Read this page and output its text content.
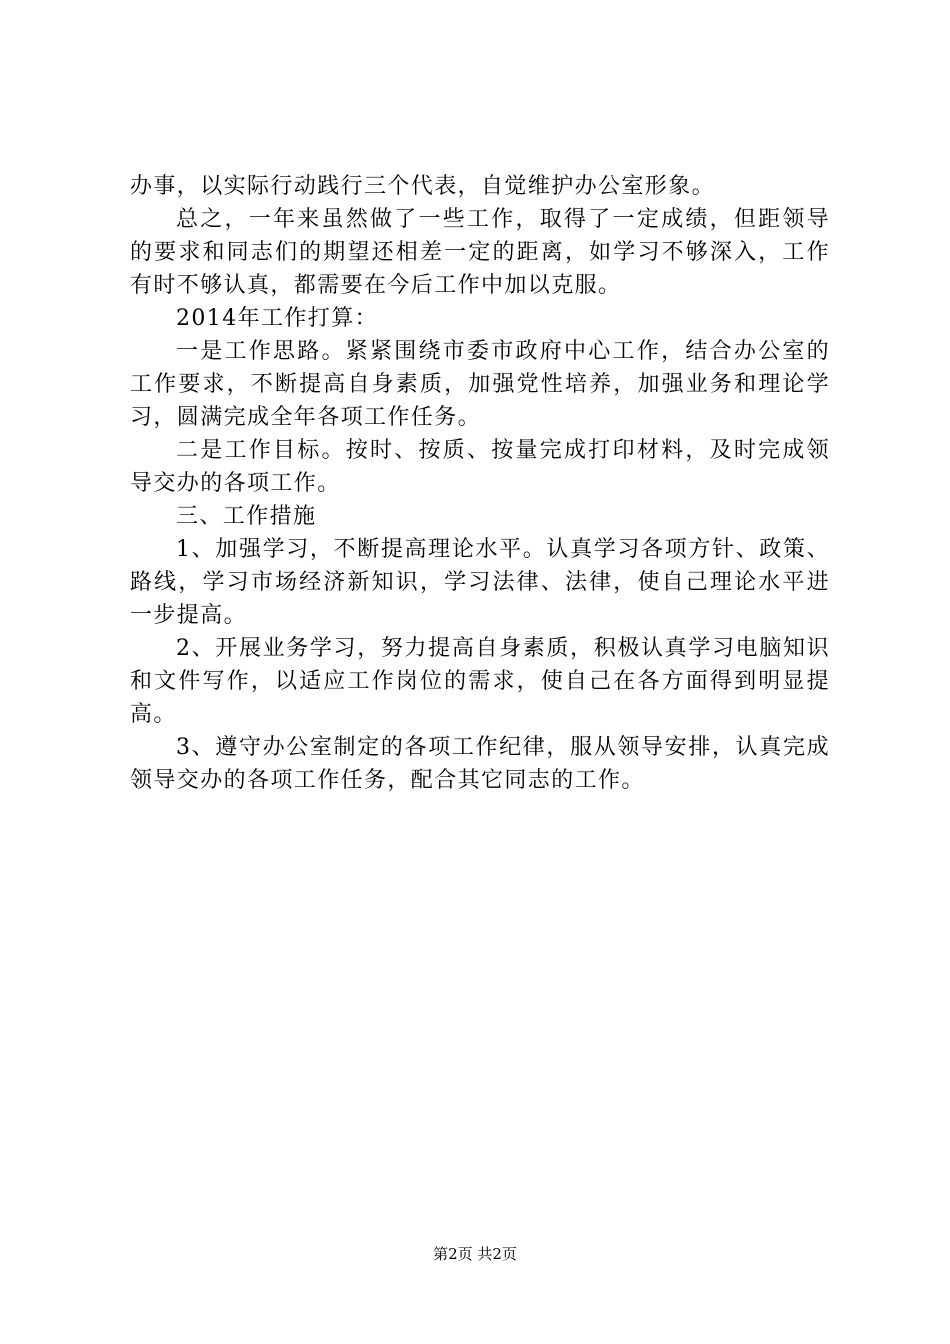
办事，以实际行动践行三个代表，自觉维护办公室形象。

总之，一年来虽然做了一些工作，取得了一定成绩，但距领导的要求和同志们的期望还相差一定的距离，如学习不够深入，工作有时不够认真，都需要在今后工作中加以克服。

2014年工作打算：

一是工作思路。紧紧围绕市委市政府中心工作，结合办公室的工作要求，不断提高自身素质，加强党性培养，加强业务和理论学习，圆满完成全年各项工作任务。

二是工作目标。按时、按质、按量完成打印材料，及时完成领导交办的各项工作。

三、工作措施

1、加强学习，不断提高理论水平。认真学习各项方针、政策、路线，学习市场经济新知识，学习法律、法律，使自己理论水平进一步提高。

2、开展业务学习，努力提高自身素质，积极认真学习电脑知识和文件写作，以适应工作岗位的需求，使自己在各方面得到明显提高。

3、遵守办公室制定的各项工作纪律，服从领导安排，认真完成领导交办的各项工作任务，配合其它同志的工作。

第2页 共2页
